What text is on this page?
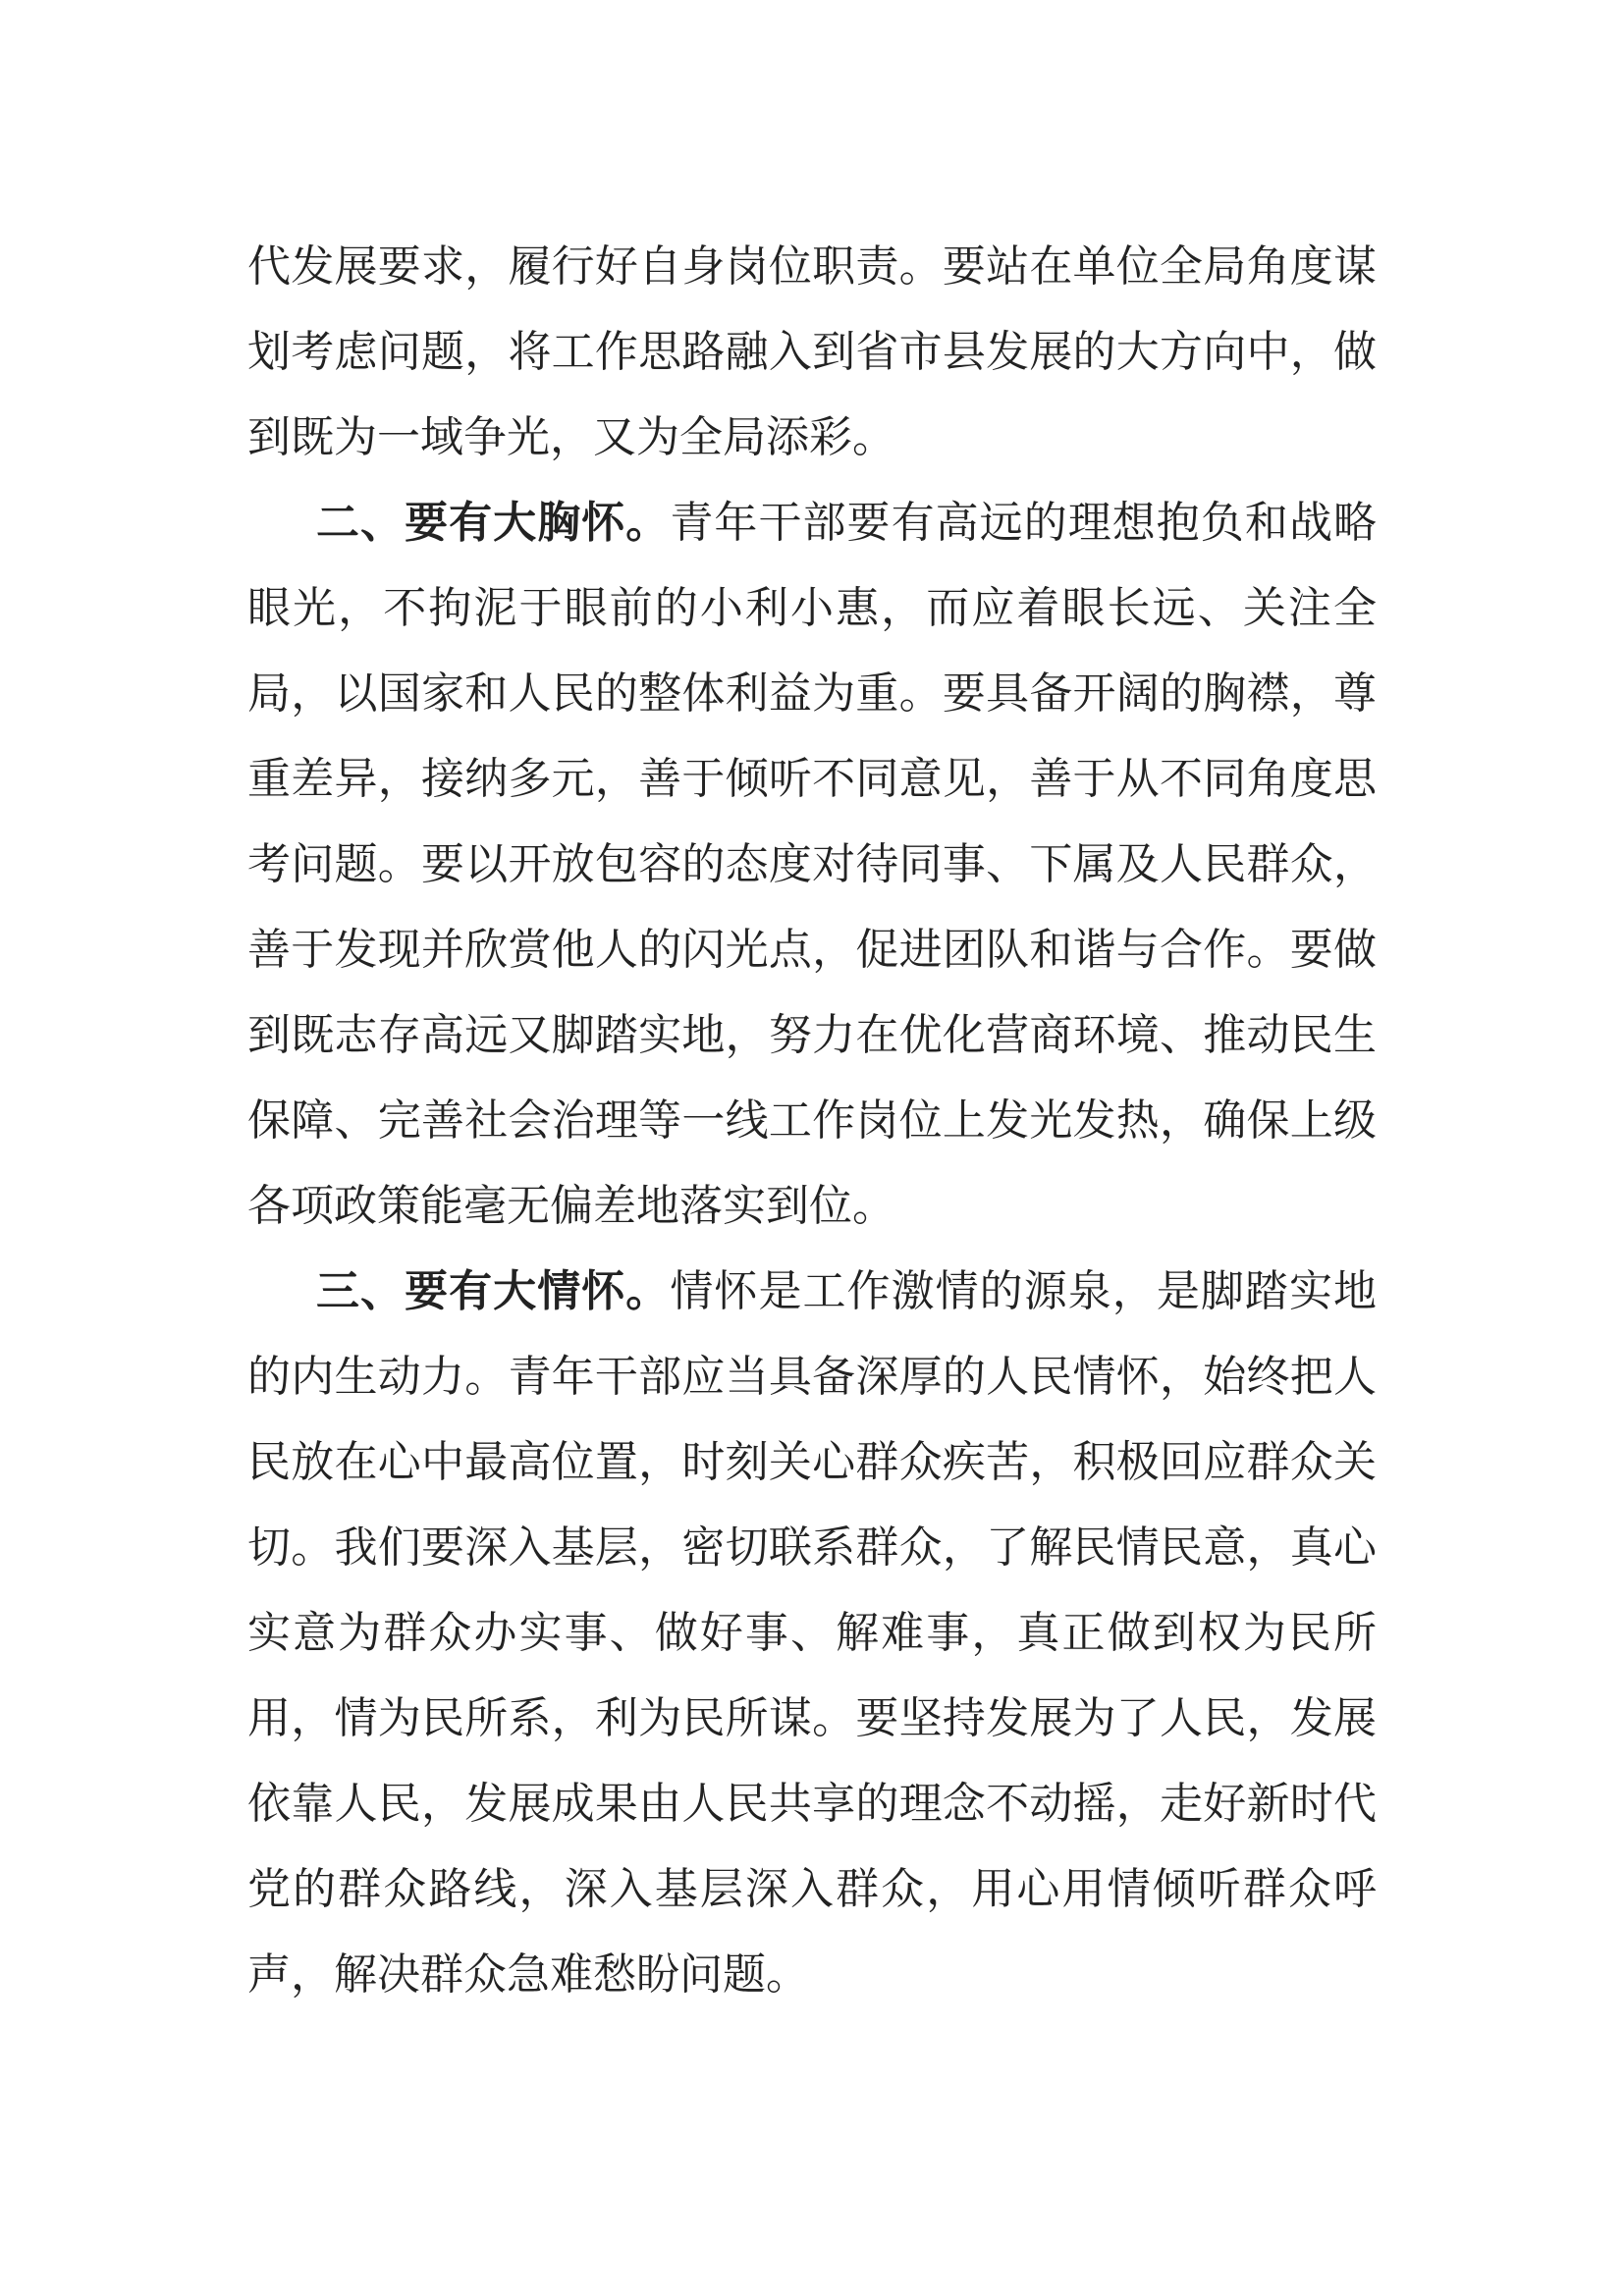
代发展要求，履行好自身岗位职责。要站在单位全局角度谋划考虑问题，将工作思路融入到省市县发展的大方向中，做到既为一域争光，又为全局添彩。

二、要有大胸怀。青年干部要有高远的理想抱负和战略眼光，不拘泥于眼前的小利小惠，而应着眼长远、关注全局，以国家和人民的整体利益为重。要具备开阔的胸襟，尊重差异，接纳多元，善于倾听不同意见，善于从不同角度思考问题。要以开放包容的态度对待同事、下属及人民群众，善于发现并欣赏他人的闪光点，促进团队和谐与合作。要做到既志存高远又脚踏实地，努力在优化营商环境、推动民生保障、完善社会治理等一线工作岗位上发光发热，确保上级各项政策能毫无偏差地落实到位。

三、要有大情怀。情怀是工作激情的源泉，是脚踏实地的内生动力。青年干部应当具备深厚的人民情怀，始终把人民放在心中最高位置，时刻关心群众疾苦，积极回应群众关切。我们要深入基层，密切联系群众，了解民情民意，真心实意为群众办实事、做好事、解难事，真正做到权为民所用，情为民所系，利为民所谋。要坚持发展为了人民，发展依靠人民，发展成果由人民共享的理念不动摇，走好新时代党的群众路线，深入基层深入群众，用心用情倾听群众呼声，解决群众急难愁盼问题。
